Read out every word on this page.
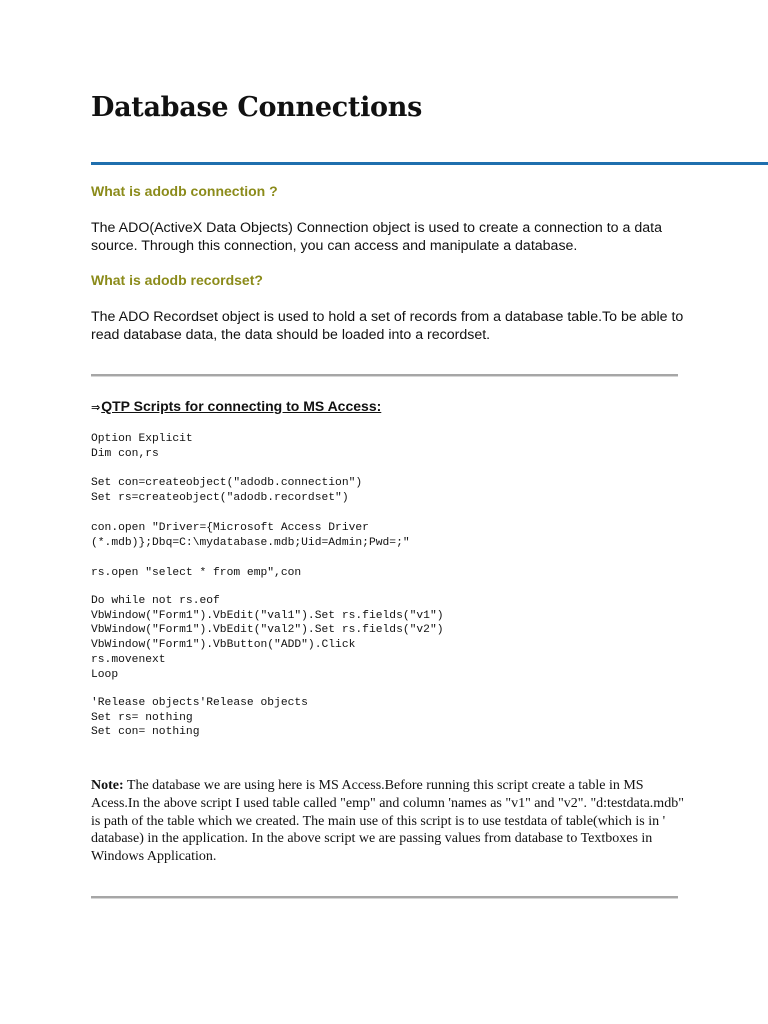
Database Connections
What is adodb connection ?

The ADO(ActiveX Data Objects) Connection object is used to create a connection to a data source. Through this connection, you can access and manipulate a database.

What is adodb recordset?

The ADO Recordset object is used to hold a set of records from a database table.To be able to read database data, the data should be loaded into a recordset.

⇒QTP Scripts for connecting to MS Access:
Option Explicit
Dim con,rs
Set con=createobject("adodb.connection")
Set rs=createobject("adodb.recordset")
con.open "Driver={Microsoft Access Driver
(*.mdb)};Dbq=C:\mydatabase.mdb;Uid=Admin;Pwd=;"
rs.open "select * from emp",con
Do while not rs.eof
VbWindow("Form1").VbEdit("val1").Set rs.fields("v1")
VbWindow("Form1").VbEdit("val2").Set rs.fields("v2")
VbWindow("Form1").VbButton("ADD").Click
rs.movenext
Loop
'Release objects'Release objects
Set rs= nothing
Set con= nothing

Note: The database we are using here is MS Access.Before running this script create a table in MS Acess.In the above script I used table called "emp" and column 'names as "v1" and "v2". "d:testdata.mdb" is path of the table which we created. The main use of this script is to use testdata of table(which is in ' database) in the application. In the above script we are passing values from database to Textboxes in Windows Application.
